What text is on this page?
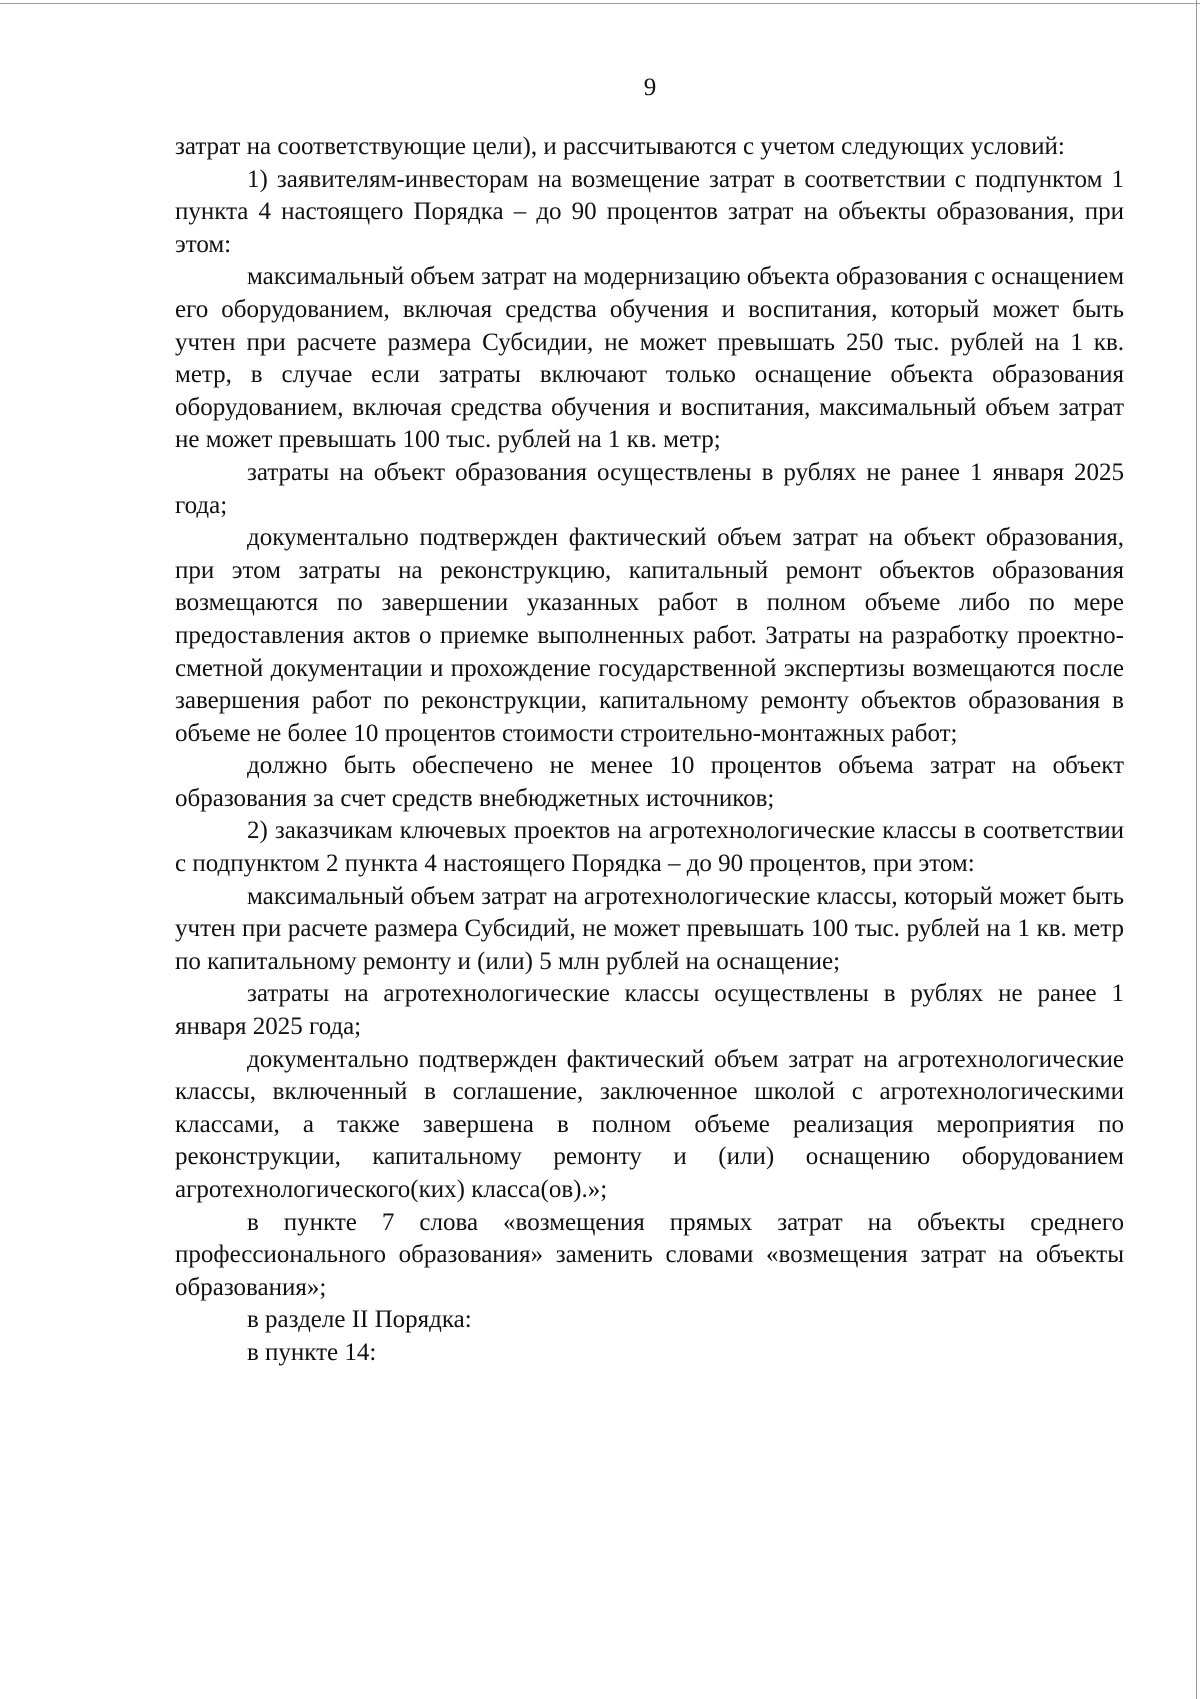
9

затрат на соответствующие цели), и рассчитываются с учетом следующих условий:

1) заявителям-инвесторам на возмещение затрат в соответствии с подпунктом 1 пункта 4 настоящего Порядка – до 90 процентов затрат на объекты образования, при этом:

максимальный объем затрат на модернизацию объекта образования с оснащением его оборудованием, включая средства обучения и воспитания, который может быть учтен при расчете размера Субсидии, не может превышать 250 тыс. рублей на 1 кв. метр, в случае если затраты включают только оснащение объекта образования оборудованием, включая средства обучения и воспитания, максимальный объем затрат не может превышать 100 тыс. рублей на 1 кв. метр;

затраты на объект образования осуществлены в рублях не ранее 1 января 2025 года;

документально подтвержден фактический объем затрат на объект образования, при этом затраты на реконструкцию, капитальный ремонт объектов образования возмещаются по завершении указанных работ в полном объеме либо по мере предоставления актов о приемке выполненных работ. Затраты на разработку проектно-сметной документации и прохождение государственной экспертизы возмещаются после завершения работ по реконструкции, капитальному ремонту объектов образования в объеме не более 10 процентов стоимости строительно-монтажных работ;

должно быть обеспечено не менее 10 процентов объема затрат на объект образования за счет средств внебюджетных источников;

2) заказчикам ключевых проектов на агротехнологические классы в соответствии с подпунктом 2 пункта 4 настоящего Порядка – до 90 процентов, при этом:

максимальный объем затрат на агротехнологические классы, который может быть учтен при расчете размера Субсидий, не может превышать 100 тыс. рублей на 1 кв. метр по капитальному ремонту и (или) 5 млн рублей на оснащение;

затраты на агротехнологические классы осуществлены в рублях не ранее 1 января 2025 года;

документально подтвержден фактический объем затрат на агротехнологические классы, включенный в соглашение, заключенное школой с агротехнологическими классами, а также завершена в полном объеме реализация мероприятия по реконструкции, капитальному ремонту и (или) оснащению оборудованием агротехнологического(ких) класса(ов).»;

в пункте 7 слова «возмещения прямых затрат на объекты среднего профессионального образования» заменить словами «возмещения затрат на объекты образования»;

в разделе II Порядка:

в пункте 14:
